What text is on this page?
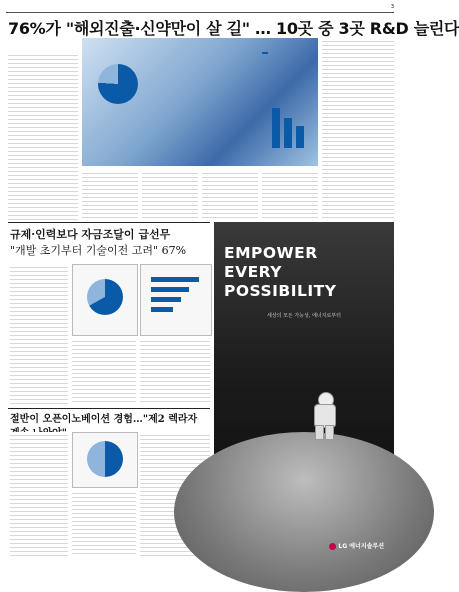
3
76%가 "해외진출·신약만이 살 길" … 10곳 중 3곳 R&D 늘린다
규제·인력보다 자금조달이 급선무
"개발 초기부터 기술이전 고려" 67%
절반이 오픈이노베이션 경험…"제2 렉라자
EMPOWER
EVERY
POSSIBILITY
세상의 모든 가능성, 에너지로부터
LG 에너지솔루션
